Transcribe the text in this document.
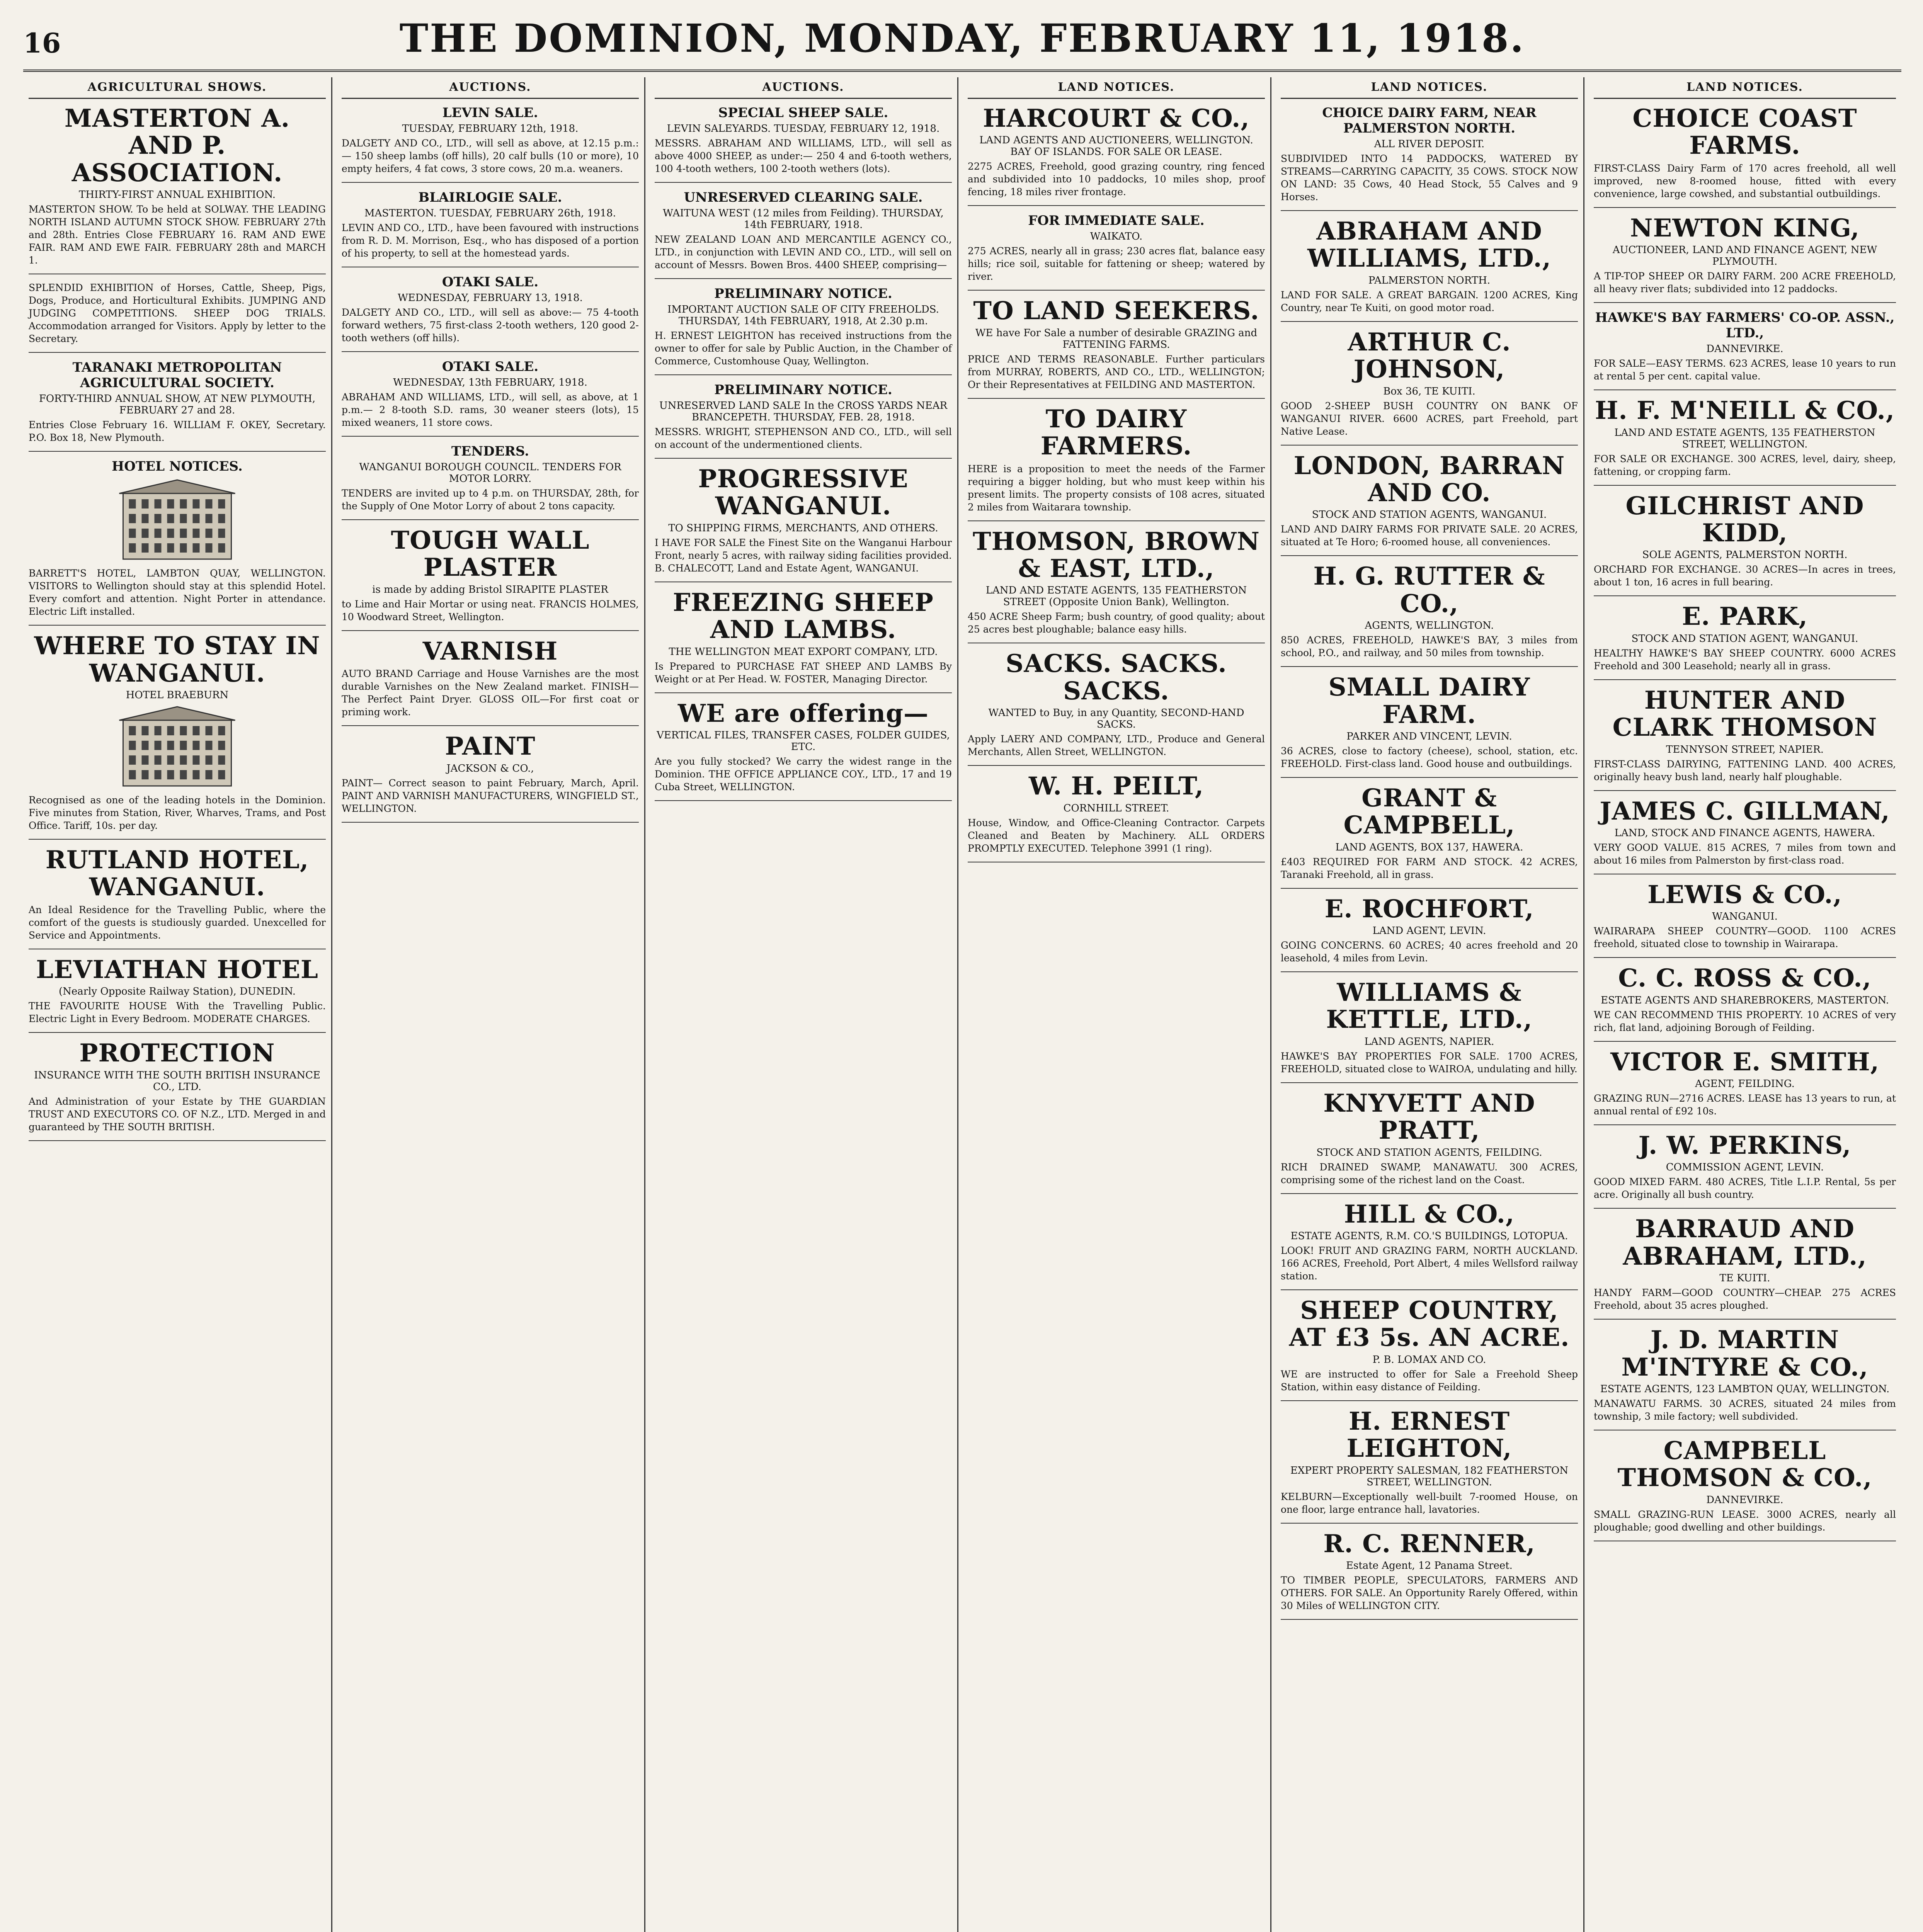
16	THE DOMINION, MONDAY, FEBRUARY 11, 1918.
AGRICULTURAL SHOWS.
MASTERTON A. AND P. ASSOCIATION.
THIRTY-FIRST ANNUAL EXHIBITION.
MASTERTON SHOW. To be held at SOLWAY. THE LEADING NORTH ISLAND AUTUMN STOCK SHOW. FEBRUARY 27th and 28th. Entries Close FEBRUARY 16. RAM AND EWE FAIR. RAM AND EWE FAIR. FEBRUARY 28th and MARCH 1.
SPLENDID EXHIBITION of Horses, Cattle, Sheep, Pigs, Dogs, Produce, and Horticultural Exhibits. JUMPING AND JUDGING COMPETITIONS. SHEEP DOG TRIALS. Accommodation arranged for Visitors. Apply by letter to the Secretary.
TARANAKI METROPOLITAN AGRICULTURAL SOCIETY.
FORTY-THIRD ANNUAL SHOW, AT NEW PLYMOUTH, FEBRUARY 27 and 28.
Entries Close February 16. WILLIAM F. OKEY, Secretary. P.O. Box 18, New Plymouth.
HOTEL NOTICES.
BARRETT'S HOTEL, LAMBTON QUAY, WELLINGTON. VISITORS to Wellington should stay at this splendid Hotel. Every comfort and attention. Night Porter in attendance. Electric Lift installed.
WHERE TO STAY IN WANGANUI.
HOTEL BRAEBURN
Recognised as one of the leading hotels in the Dominion. Five minutes from Station, River, Wharves, Trams, and Post Office. Tariff, 10s. per day.
RUTLAND HOTEL, WANGANUI.
An Ideal Residence for the Travelling Public, where the comfort of the guests is studiously guarded. Unexcelled for Service and Appointments.
LEVIATHAN HOTEL
(Nearly Opposite Railway Station), DUNEDIN.
THE FAVOURITE HOUSE With the Travelling Public. Electric Light in Every Bedroom. MODERATE CHARGES.
PROTECTION
INSURANCE WITH THE SOUTH BRITISH INSURANCE CO., LTD.
And Administration of your Estate by THE GUARDIAN TRUST AND EXECUTORS CO. OF N.Z., LTD. Merged in and guaranteed by THE SOUTH BRITISH.
AUCTIONS.
LEVIN SALE.
TUESDAY, FEBRUARY 12th, 1918.
DALGETY AND CO., LTD., will sell as above, at 12.15 p.m.:— 150 sheep lambs (off hills), 20 calf bulls (10 or more), 10 empty heifers, 4 fat cows, 3 store cows, 20 m.a. weaners.
BLAIRLOGIE SALE.
MASTERTON. TUESDAY, FEBRUARY 26th, 1918.
LEVIN AND CO., LTD., have been favoured with instructions from R. D. M. Morrison, Esq., who has disposed of a portion of his property, to sell at the homestead yards.
OTAKI SALE.
WEDNESDAY, FEBRUARY 13, 1918.
DALGETY AND CO., LTD., will sell as above:— 75 4-tooth forward wethers, 75 first-class 2-tooth wethers, 120 good 2-tooth wethers (off hills).
OTAKI SALE.
WEDNESDAY, 13th FEBRUARY, 1918.
ABRAHAM AND WILLIAMS, LTD., will sell, as above, at 1 p.m.— 2 8-tooth S.D. rams, 30 weaner steers (lots), 15 mixed weaners, 11 store cows.
TENDERS.
WANGANUI BOROUGH COUNCIL. TENDERS FOR MOTOR LORRY.
TENDERS are invited up to 4 p.m. on THURSDAY, 28th, for the Supply of One Motor Lorry of about 2 tons capacity.
TOUGH WALL PLASTER
is made by adding Bristol SIRAPITE PLASTER
to Lime and Hair Mortar or using neat. FRANCIS HOLMES, 10 Woodward Street, Wellington.
VARNISH
AUTO BRAND Carriage and House Varnishes are the most durable Varnishes on the New Zealand market. FINISH—The Perfect Paint Dryer. GLOSS OIL—For first coat or priming work.
PAINT
JACKSON & CO.,
PAINT— Correct season to paint February, March, April. PAINT AND VARNISH MANUFACTURERS, WINGFIELD ST., WELLINGTON.
AUCTIONS.
SPECIAL SHEEP SALE.
LEVIN SALEYARDS. TUESDAY, FEBRUARY 12, 1918.
MESSRS. ABRAHAM AND WILLIAMS, LTD., will sell as above 4000 SHEEP, as under:— 250 4 and 6-tooth wethers, 100 4-tooth wethers, 100 2-tooth wethers (lots).
UNRESERVED CLEARING SALE.
WAITUNA WEST (12 miles from Feilding). THURSDAY, 14th FEBRUARY, 1918.
NEW ZEALAND LOAN AND MERCANTILE AGENCY CO., LTD., in conjunction with LEVIN AND CO., LTD., will sell on account of Messrs. Bowen Bros. 4400 SHEEP, comprising—
PRELIMINARY NOTICE.
IMPORTANT AUCTION SALE OF CITY FREEHOLDS. THURSDAY, 14th FEBRUARY, 1918, At 2.30 p.m.
H. ERNEST LEIGHTON has received instructions from the owner to offer for sale by Public Auction, in the Chamber of Commerce, Customhouse Quay, Wellington.
PRELIMINARY NOTICE.
UNRESERVED LAND SALE In the CROSS YARDS NEAR BRANCEPETH. THURSDAY, FEB. 28, 1918.
MESSRS. WRIGHT, STEPHENSON AND CO., LTD., will sell on account of the undermentioned clients.
PROGRESSIVE WANGANUI.
TO SHIPPING FIRMS, MERCHANTS, AND OTHERS.
I HAVE FOR SALE the Finest Site on the Wanganui Harbour Front, nearly 5 acres, with railway siding facilities provided. B. CHALECOTT, Land and Estate Agent, WANGANUI.
FREEZING SHEEP AND LAMBS.
THE WELLINGTON MEAT EXPORT COMPANY, LTD.
Is Prepared to PURCHASE FAT SHEEP AND LAMBS By Weight or at Per Head. W. FOSTER, Managing Director.
WE are offering—
VERTICAL FILES, TRANSFER CASES, FOLDER GUIDES, ETC.
Are you fully stocked? We carry the widest range in the Dominion. THE OFFICE APPLIANCE COY., LTD., 17 and 19 Cuba Street, WELLINGTON.
LAND NOTICES.
HARCOURT & CO.,
LAND AGENTS AND AUCTIONEERS, WELLINGTON. BAY OF ISLANDS. FOR SALE OR LEASE.
2275 ACRES, Freehold, good grazing country, ring fenced and subdivided into 10 paddocks, 10 miles shop, proof fencing, 18 miles river frontage.
FOR IMMEDIATE SALE.
WAIKATO.
275 ACRES, nearly all in grass; 230 acres flat, balance easy hills; rice soil, suitable for fattening or sheep; watered by river.
TO LAND SEEKERS.
WE have For Sale a number of desirable GRAZING and FATTENING FARMS.
PRICE AND TERMS REASONABLE. Further particulars from MURRAY, ROBERTS, AND CO., LTD., WELLINGTON; Or their Representatives at FEILDING AND MASTERTON.
TO DAIRY FARMERS.
HERE is a proposition to meet the needs of the Farmer requiring a bigger holding, but who must keep within his present limits. The property consists of 108 acres, situated 2 miles from Waitarara township.
THOMSON, BROWN & EAST, LTD.,
LAND AND ESTATE AGENTS, 135 FEATHERSTON STREET (Opposite Union Bank), Wellington.
450 ACRE Sheep Farm; bush country, of good quality; about 25 acres best ploughable; balance easy hills.
SACKS. SACKS. SACKS.
WANTED to Buy, in any Quantity, SECOND-HAND SACKS.
Apply LAERY AND COMPANY, LTD., Produce and General Merchants, Allen Street, WELLINGTON.
W. H. PEILT,
CORNHILL STREET.
House, Window, and Office-Cleaning Contractor. Carpets Cleaned and Beaten by Machinery. ALL ORDERS PROMPTLY EXECUTED. Telephone 3991 (1 ring).
LAND NOTICES.
CHOICE DAIRY FARM, NEAR PALMERSTON NORTH.
ALL RIVER DEPOSIT.
SUBDIVIDED INTO 14 PADDOCKS, WATERED BY STREAMS—CARRYING CAPACITY, 35 COWS. STOCK NOW ON LAND: 35 Cows, 40 Head Stock, 55 Calves and 9 Horses.
ABRAHAM AND WILLIAMS, LTD.,
PALMERSTON NORTH.
LAND FOR SALE. A GREAT BARGAIN. 1200 ACRES, King Country, near Te Kuiti, on good motor road.
ARTHUR C. JOHNSON,
Box 36, TE KUITI.
GOOD 2-SHEEP BUSH COUNTRY ON BANK OF WANGANUI RIVER. 6600 ACRES, part Freehold, part Native Lease.
LONDON, BARRAN AND CO.
STOCK AND STATION AGENTS, WANGANUI.
LAND AND DAIRY FARMS FOR PRIVATE SALE. 20 ACRES, situated at Te Horo; 6-roomed house, all conveniences.
H. G. RUTTER & CO.,
AGENTS, WELLINGTON.
850 ACRES, FREEHOLD, HAWKE'S BAY, 3 miles from school, P.O., and railway, and 50 miles from township.
SMALL DAIRY FARM.
PARKER AND VINCENT, LEVIN.
36 ACRES, close to factory (cheese), school, station, etc. FREEHOLD. First-class land. Good house and outbuildings.
GRANT & CAMPBELL,
LAND AGENTS, BOX 137, HAWERA.
£403 REQUIRED FOR FARM AND STOCK. 42 ACRES, Taranaki Freehold, all in grass.
E. ROCHFORT,
LAND AGENT, LEVIN.
GOING CONCERNS. 60 ACRES; 40 acres freehold and 20 leasehold, 4 miles from Levin.
WILLIAMS & KETTLE, LTD.,
LAND AGENTS, NAPIER.
HAWKE'S BAY PROPERTIES FOR SALE. 1700 ACRES, FREEHOLD, situated close to WAIROA, undulating and hilly.
KNYVETT AND PRATT,
STOCK AND STATION AGENTS, FEILDING.
RICH DRAINED SWAMP, MANAWATU. 300 ACRES, comprising some of the richest land on the Coast.
HILL & CO.,
ESTATE AGENTS, R.M. CO.'S BUILDINGS, LOTOPUA.
LOOK! FRUIT AND GRAZING FARM, NORTH AUCKLAND. 166 ACRES, Freehold, Port Albert, 4 miles Wellsford railway station.
SHEEP COUNTRY, AT £3 5s. AN ACRE.
P. B. LOMAX AND CO.
WE are instructed to offer for Sale a Freehold Sheep Station, within easy distance of Feilding.
H. ERNEST LEIGHTON,
EXPERT PROPERTY SALESMAN, 182 FEATHERSTON STREET, WELLINGTON.
KELBURN—Exceptionally well-built 7-roomed House, on one floor, large entrance hall, lavatories.
R. C. RENNER,
Estate Agent, 12 Panama Street.
TO TIMBER PEOPLE, SPECULATORS, FARMERS AND OTHERS. FOR SALE. An Opportunity Rarely Offered, within 30 Miles of WELLINGTON CITY.
LAND NOTICES.
CHOICE COAST FARMS.
FIRST-CLASS Dairy Farm of 170 acres freehold, all well improved, new 8-roomed house, fitted with every convenience, large cowshed, and substantial outbuildings.
NEWTON KING,
AUCTIONEER, LAND AND FINANCE AGENT, NEW PLYMOUTH.
A TIP-TOP SHEEP OR DAIRY FARM. 200 ACRE FREEHOLD, all heavy river flats; subdivided into 12 paddocks.
HAWKE'S BAY FARMERS' CO-OP. ASSN., LTD.,
DANNEVIRKE.
FOR SALE—EASY TERMS. 623 ACRES, lease 10 years to run at rental 5 per cent. capital value.
H. F. M'NEILL & CO.,
LAND AND ESTATE AGENTS, 135 FEATHERSTON STREET, WELLINGTON.
FOR SALE OR EXCHANGE. 300 ACRES, level, dairy, sheep, fattening, or cropping farm.
GILCHRIST AND KIDD,
SOLE AGENTS, PALMERSTON NORTH.
ORCHARD FOR EXCHANGE. 30 ACRES—In acres in trees, about 1 ton, 16 acres in full bearing.
E. PARK,
STOCK AND STATION AGENT, WANGANUI.
HEALTHY HAWKE'S BAY SHEEP COUNTRY. 6000 ACRES Freehold and 300 Leasehold; nearly all in grass.
HUNTER AND CLARK THOMSON
TENNYSON STREET, NAPIER.
FIRST-CLASS DAIRYING, FATTENING LAND. 400 ACRES, originally heavy bush land, nearly half ploughable.
JAMES C. GILLMAN,
LAND, STOCK AND FINANCE AGENTS, HAWERA.
VERY GOOD VALUE. 815 ACRES, 7 miles from town and about 16 miles from Palmerston by first-class road.
LEWIS & CO.,
WANGANUI.
WAIRARAPA SHEEP COUNTRY—GOOD. 1100 ACRES freehold, situated close to township in Wairarapa.
C. C. ROSS & CO.,
ESTATE AGENTS AND SHAREBROKERS, MASTERTON.
WE CAN RECOMMEND THIS PROPERTY. 10 ACRES of very rich, flat land, adjoining Borough of Feilding.
VICTOR E. SMITH,
AGENT, FEILDING.
GRAZING RUN—2716 ACRES. LEASE has 13 years to run, at annual rental of £92 10s.
J. W. PERKINS,
COMMISSION AGENT, LEVIN.
GOOD MIXED FARM. 480 ACRES, Title L.I.P. Rental, 5s per acre. Originally all bush country.
BARRAUD AND ABRAHAM, LTD.,
TE KUITI.
HANDY FARM—GOOD COUNTRY—CHEAP. 275 ACRES Freehold, about 35 acres ploughed.
J. D. MARTIN M'INTYRE & CO.,
ESTATE AGENTS, 123 LAMBTON QUAY, WELLINGTON.
MANAWATU FARMS. 30 ACRES, situated 24 miles from township, 3 mile factory; well subdivided.
CAMPBELL THOMSON & CO.,
DANNEVIRKE.
SMALL GRAZING-RUN LEASE. 3000 ACRES, nearly all ploughable; good dwelling and other buildings.
